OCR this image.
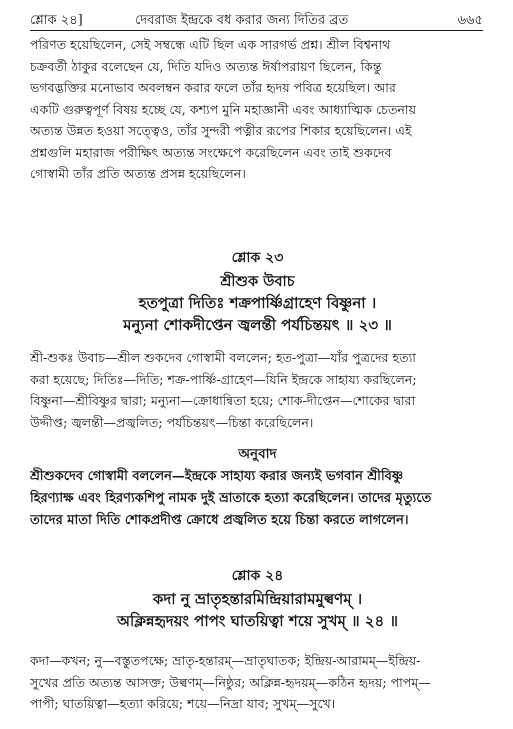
শ্লোক ২৪]	দেবরাজ ইন্দ্রকে বধ করার জন্য দিতির ব্রত	৬৬৫
পরিণত হয়েছিলেন, সেই সম্বন্ধে এটি ছিল এক সারগর্ভ প্রশ্ন। শ্রীল বিশ্বনাথ
চক্রবর্তী ঠাকুর বলেছেন যে, দিতি যদিও অত্যন্ত ঈর্ষাপরায়ণ ছিলেন, কিন্তু
ভগবদ্ভক্তির মনোভাব অবলম্বন করার ফলে তাঁর হৃদয় পবিত্র হয়েছিল। আর
একটি গুরুত্বপূর্ণ বিষয় হচ্ছে যে, কশ্যপ মুনি মহাজ্ঞানী এবং আধ্যাত্মিক চেতনায়
অত্যন্ত উন্নত হওয়া সত্ত্বেও, তাঁর সুন্দরী পত্নীর রূপের শিকার হয়েছিলেন। এই
প্রশ্নগুলি মহারাজ পরীক্ষিৎ অত্যন্ত সংক্ষেপে করেছিলেন এবং তাই শুকদেব
গোস্বামী তাঁর প্রতি অত্যন্ত প্রসন্ন হয়েছিলেন।
শ্লোক ২৩
শ্রীশুক উবাচ
হতপুত্রা দিতিঃ শক্রপার্ষ্ণিগ্রাহেণ বিষ্ণুনা ।
মন্যুনা শোকদীপ্তেন জ্বলন্তী পর্যচিন্তয়ৎ ॥ ২৩ ॥
শ্রী-শুকঃ উবাচ—শ্রীল শুকদেব গোস্বামী বললেন; হত-পুত্রা—যাঁর পুত্রদের হত্যা
করা হয়েছে; দিতিঃ—দিতি; শক্র-পার্ষ্ণি-গ্রাহেণ—যিনি ইন্দ্রকে সাহায্য করছিলেন;
বিষ্ণুনা—শ্রীবিষ্ণুর দ্বারা; মন্যুনা—ক্রোধান্বিতা হয়ে; শোক-দীপ্তেন—শোকের দ্বারা
উদ্দীপ্ত; জ্বলন্তী—প্রজ্বলিত; পর্যচিন্তয়ৎ—চিন্তা করেছিলেন।
অনুবাদ
শ্রীশুকদেব গোস্বামী বললেন—ইন্দ্রকে সাহায্য করার জন্যই ভগবান শ্রীবিষ্ণু
হিরণ্যাক্ষ এবং হিরণ্যকশিপু নামক দুই ভ্রাতাকে হত্যা করেছিলেন। তাদের মৃত্যুতে
তাদের মাতা দিতি শোকপ্রদীপ্ত ক্রোধে প্রজ্বলিত হয়ে চিন্তা করতে লাগলেন।
শ্লোক ২৪
কদা নু ভ্রাতৃহন্তারমিন্দ্রিয়ারামমুল্বণম্ ।
অক্লিন্নহৃদয়ং পাপং ঘাতয়িত্বা শয়ে সুখম্ ॥ ২৪ ॥
কদা—কখন; নু—বস্তুতপক্ষে; ভ্রাতৃ-হন্তারম্—ভ্রাতৃঘাতক; ইন্দ্রিয়-আরামম্—ইন্দ্রিয়-
সুখের প্রতি অত্যন্ত আসক্ত; উল্বণম্—নিষ্ঠুর; অক্লিন্ন-হৃদয়ম্—কঠিন হৃদয়; পাপম্—
পাপী; ঘাতয়িত্বা—হত্যা করিয়ে; শয়ে—নিদ্রা যাব; সুখম্—সুখে।
